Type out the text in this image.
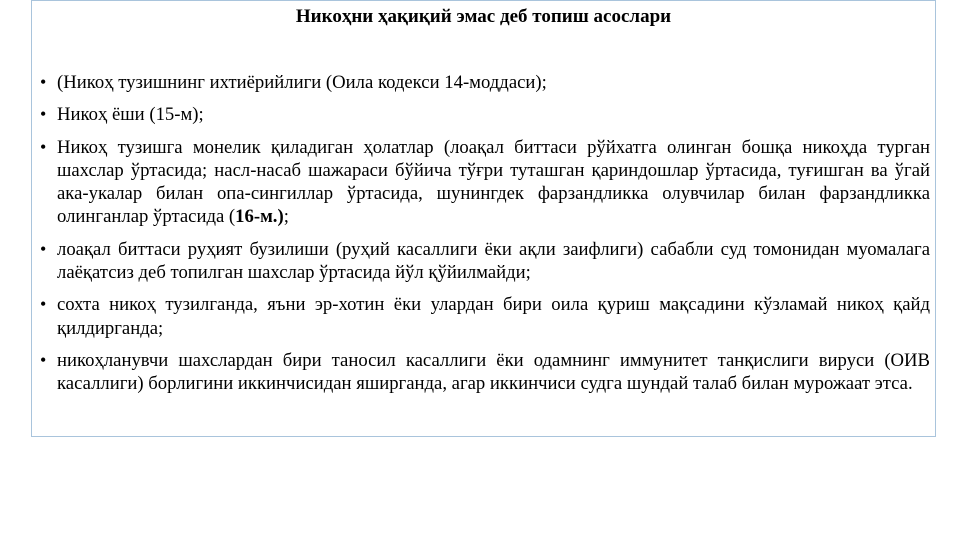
Никоҳни ҳақиқий эмас деб топиш асослари
• (Никоҳ тузишнинг ихтиёрийлиги (Оила кодекси 14-моддаси);
• Никоҳ ёши (15-м);
• Никоҳ тузишга монелик қиладиган ҳолатлар (лоақал биттаси рўйхатга олинган бошқа никоҳда турган шахслар ўртасида; насл-насаб шажараси бўйича тўғри туташган қариндошлар ўртасида, туғишган ва ўгай ака-укалар билан опа-сингиллар ўртасида, шунингдек фарзандликка олувчилар билан фарзандликка олинганлар ўртасида (16-м.);
• лоақал биттаси руҳият бузилиши (руҳий касаллиги ёки ақли заифлиги) сабабли суд томонидан муомалага лаёқатсиз деб топилган шахслар ўртасида йўл қўйилмайди;
• сохта никоҳ тузилганда, яъни эр-хотин ёки улардан бири оила қуриш мақсадини кўзламай никоҳ қайд қилдирганда;
• никоҳланувчи шахслардан бири таносил касаллиги ёки одамнинг иммунитет танқислиги вируси (ОИВ касаллиги) борлигини иккинчисидан яширганда, агар иккинчиси судга шундай талаб билан мурожаат этса.
